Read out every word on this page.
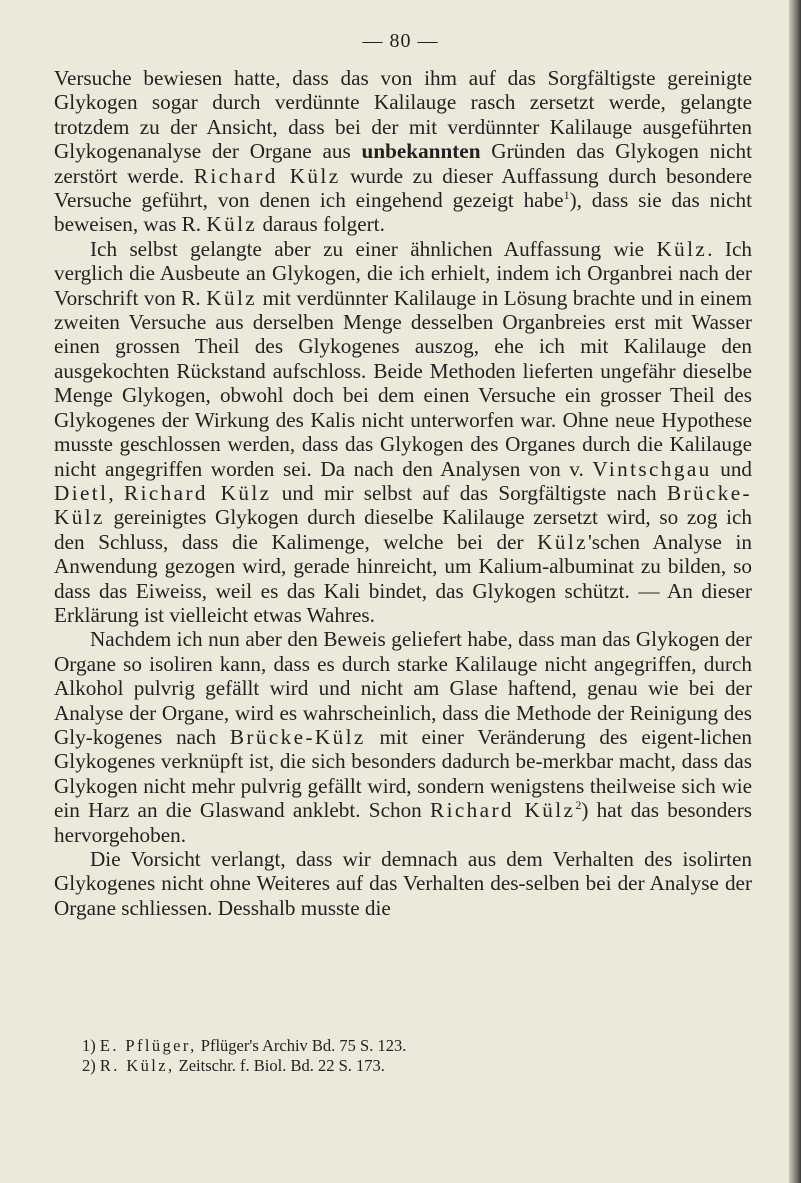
— 80 —

Versuche bewiesen hatte, dass das von ihm auf das Sorgfältigste gereinigte Glykogen sogar durch verdünnte Kalilauge rasch zersetzt werde, gelangte trotzdem zu der Ansicht, dass bei der mit verdünnter Kalilauge ausgeführten Glykogenanalyse der Organe aus unbekannten Gründen das Glykogen nicht zerstört werde. Richard Külz wurde zu dieser Auffassung durch besondere Versuche geführt, von denen ich eingehend gezeigt habe$^1$), dass sie das nicht beweisen, was R. Külz daraus folgert.

Ich selbst gelangte aber zu einer ähnlichen Auffassung wie Külz. Ich verglich die Ausbeute an Glykogen, die ich erhielt, indem ich Organbrei nach der Vorschrift von R. Külz mit verdünnter Kalilauge in Lösung brachte und in einem zweiten Versuche aus derselben Menge desselben Organbreies erst mit Wasser einen grossen Theil des Glykogenes auszog, ehe ich mit Kalilauge den ausgekochten Rückstand aufschloss. Beide Methoden lieferten ungefähr dieselbe Menge Glykogen, obwohl doch bei dem einen Versuche ein grosser Theil des Glykogenes der Wirkung des Kalis nicht unterworfen war. Ohne neue Hypothese musste geschlossen werden, dass das Glykogen des Organes durch die Kalilauge nicht angegriffen worden sei. Da nach den Analysen von v. Vintschgau und Dietl, Richard Külz und mir selbst auf das Sorgfältigste nach Brücke-Külz gereinigtes Glykogen durch dieselbe Kalilauge zersetzt wird, so zog ich den Schluss, dass die Kalimenge, welche bei der Külz'schen Analyse in Anwendung gezogen wird, gerade hinreicht, um Kalium-albuminat zu bilden, so dass das Eiweiss, weil es das Kali bindet, das Glykogen schützt. — An dieser Erklärung ist vielleicht etwas Wahres.

Nachdem ich nun aber den Beweis geliefert habe, dass man das Glykogen der Organe so isoliren kann, dass es durch starke Kalilauge nicht angegriffen, durch Alkohol pulvrig gefällt wird und nicht am Glase haftend, genau wie bei der Analyse der Organe, wird es wahrscheinlich, dass die Methode der Reinigung des Gly-kogenes nach Brücke-Külz mit einer Veränderung des eigent-lichen Glykogenes verknüpft ist, die sich besonders dadurch be-merkbar macht, dass das Glykogen nicht mehr pulvrig gefällt wird, sondern wenigstens theilweise sich wie ein Harz an die Glaswand anklebt. Schon Richard Külz$^2$) hat das besonders hervorgehoben.

Die Vorsicht verlangt, dass wir demnach aus dem Verhalten des isolirten Glykogenes nicht ohne Weiteres auf das Verhalten des-selben bei der Analyse der Organe schliessen. Desshalb musste die

1) E. Pflüger, Pflüger's Archiv Bd. 75 S. 123.

2) R. Külz, Zeitschr. f. Biol. Bd. 22 S. 173.
